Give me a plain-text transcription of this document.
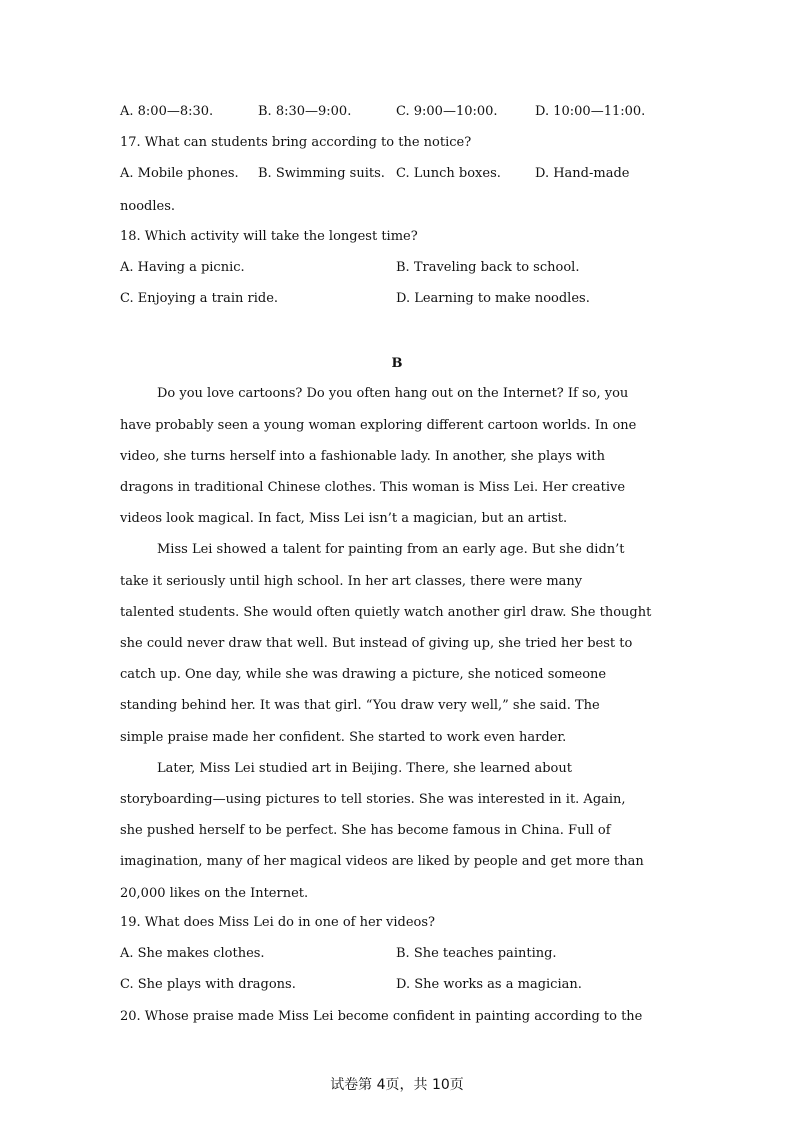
A. 8:00—8:30.	B. 8:30—9:00.	C. 9:00—10:00.	D. 10:00—11:00.
17. What can students bring according to the notice?
A. Mobile phones. B. Swimming suits. C. Lunch boxes.	D. Hand-made
noodles.
18. Which activity will take the longest time?
A. Having a picnic.	B. Traveling back to school.
C. Enjoying a train ride.	D. Learning to make noodles.
B
Do you love cartoons? Do you often hang out on the Internet? If so, you
have probably seen a young woman exploring different cartoon worlds. In one
video, she turns herself into a fashionable lady. In another, she plays with
dragons in traditional Chinese clothes. This woman is Miss Lei. Her creative
videos look magical. In fact, Miss Lei isn’t a magician, but an artist.
Miss Lei showed a talent for painting from an early age. But she didn’t
take it seriously until high school. In her art classes, there were many
talented students. She would often quietly watch another girl draw. She thought
she could never draw that well. But instead of giving up, she tried her best to
catch up. One day, while she was drawing a picture, she noticed someone
standing behind her. It was that girl. “You draw very well,” she said. The
simple praise made her confident. She started to work even harder.
Later, Miss Lei studied art in Beijing. There, she learned about
storyboarding—using pictures to tell stories. She was interested in it. Again,
she pushed herself to be perfect. She has become famous in China. Full of
imagination, many of her magical videos are liked by people and get more than
20,000 likes on the Internet.
19. What does Miss Lei do in one of her videos?
A. She makes clothes.	B. She teaches painting.
C. She plays with dragons.	D. She works as a magician.
20. Whose praise made Miss Lei become confident in painting according to the
试卷第 4页，共 10页
